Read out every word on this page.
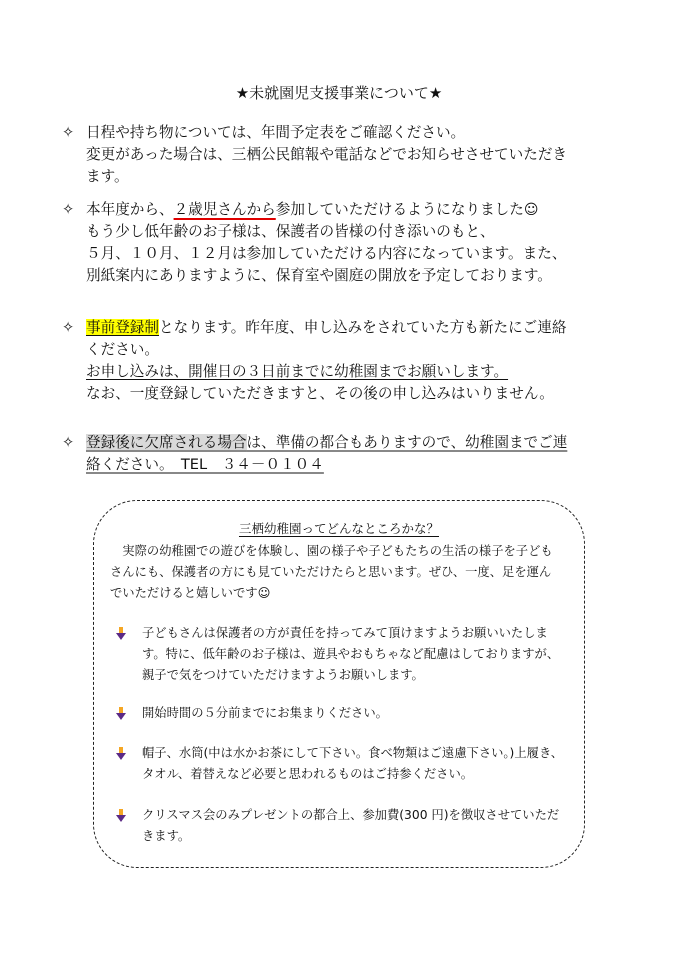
★未就園児支援事業について★
✧ 日程や持ち物については、年間予定表をご確認ください。
変更があった場合は、三栖公民館報や電話などでお知らせさせていただき
ます。
✧ 本年度から、２歳児さんから参加していただけるようになりました☺
もう少し低年齢のお子様は、保護者の皆様の付き添いのもと、
５月、１０月、１２月は参加していただける内容になっています。また、
別紙案内にありますように、保育室や園庭の開放を予定しております。
✧ 事前登録制となります。昨年度、申し込みをされていた方も新たにご連絡
ください。
お申し込みは、開催日の３日前までに幼稚園までお願いします。
なお、一度登録していただきますと、その後の申し込みはいりません。
✧ 登録後に欠席される場合は、準備の都合もありますので、幼稚園までご連
絡ください。　TEL　３４－０１０４
三栖幼稚園ってどんなところかな？
　実際の幼稚園での遊びを体験し、園の様子や子どもたちの生活の様子を子ども
さんにも、保護者の方にも見ていただけたらと思います。ぜひ、一度、足を運ん
でいただけると嬉しいです☺
子どもさんは保護者の方が責任を持ってみて頂けますようお願いいたしま
す。特に、低年齢のお子様は、遊具やおもちゃなど配慮はしておりますが、
親子で気をつけていただけますようお願いします。
開始時間の５分前までにお集まりください。
帽子、水筒(中は水かお茶にして下さい。食べ物類はご遠慮下さい。)上履き、
タオル、着替えなど必要と思われるものはご持参ください。
クリスマス会のみプレゼントの都合上、参加費(300 円)を徴収させていただ
きます。
